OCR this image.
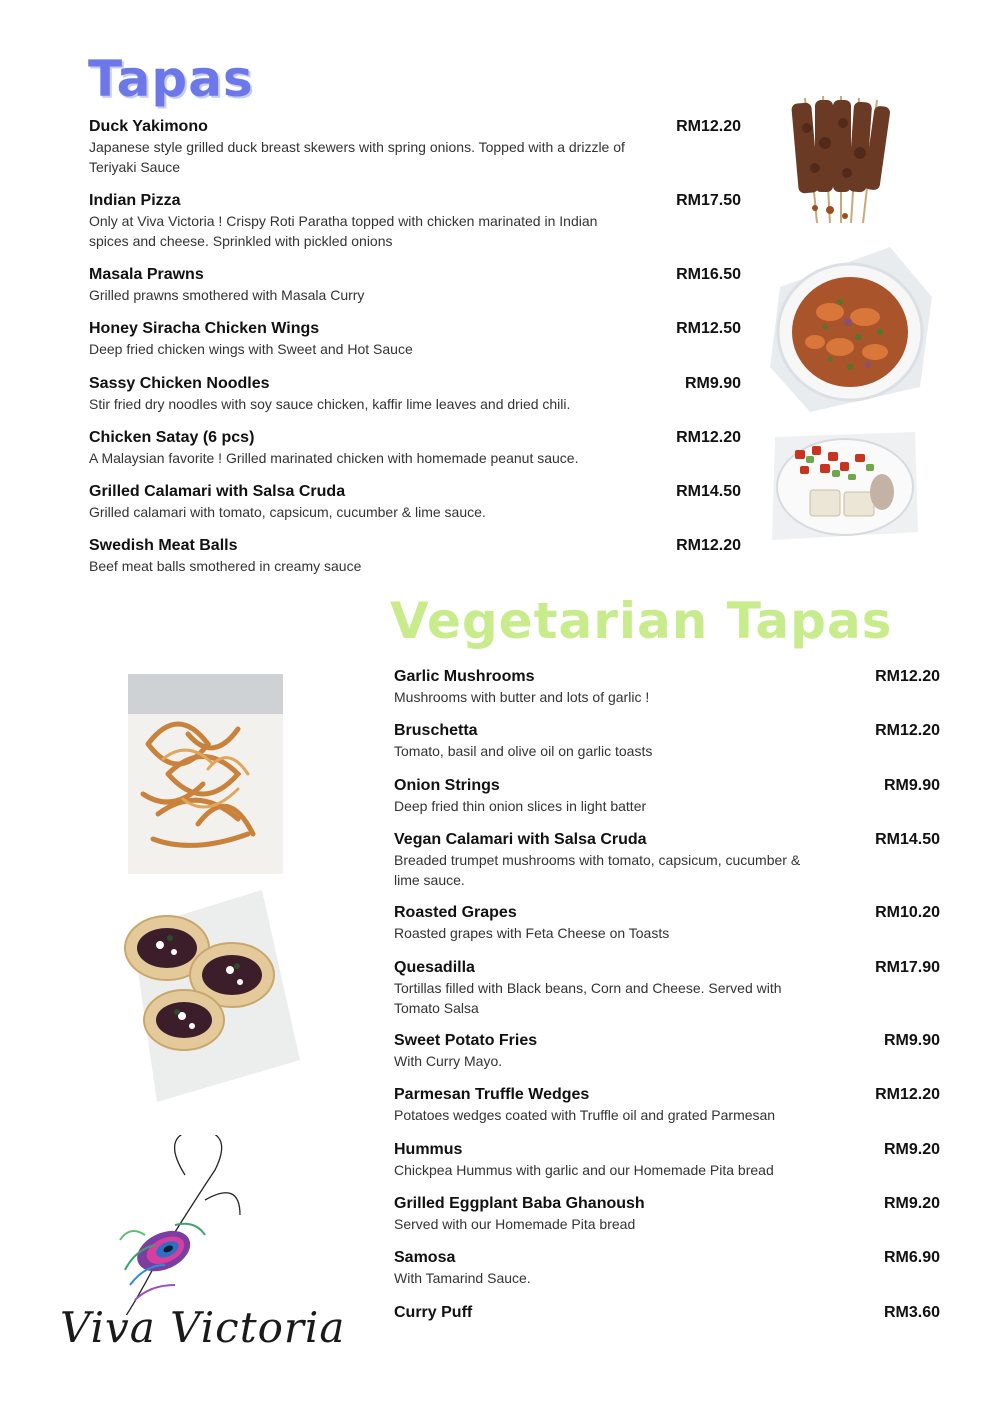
Tapas
Duck Yakimono	RM12.20
Japanese style grilled duck breast skewers with spring onions. Topped with a drizzle of Teriyaki Sauce
Indian Pizza	RM17.50
Only at Viva Victoria ! Crispy Roti Paratha topped with chicken marinated in Indian spices and cheese. Sprinkled with pickled onions
Masala Prawns	RM16.50
Grilled prawns smothered with Masala Curry
Honey Siracha Chicken Wings	RM12.50
Deep fried chicken wings with Sweet and Hot Sauce
Sassy Chicken Noodles	RM9.90
Stir fried dry noodles with soy sauce chicken, kaffir lime leaves and dried chili.
Chicken Satay (6 pcs)	RM12.20
A Malaysian favorite ! Grilled marinated chicken with homemade peanut sauce.
Grilled Calamari with Salsa Cruda	RM14.50
Grilled calamari with tomato, capsicum, cucumber & lime sauce.
Swedish Meat Balls	RM12.20
Beef meat balls smothered in creamy sauce
Vegetarian Tapas
Garlic Mushrooms	RM12.20
Mushrooms with butter and lots of garlic !
Bruschetta	RM12.20
Tomato, basil and olive oil on garlic toasts
Onion Strings	RM9.90
Deep fried thin onion slices in light batter
Vegan Calamari with Salsa Cruda	RM14.50
Breaded trumpet mushrooms with tomato, capsicum, cucumber & lime sauce.
Roasted Grapes	RM10.20
Roasted grapes with Feta Cheese on Toasts
Quesadilla	RM17.90
Tortillas filled with Black beans, Corn and Cheese. Served with Tomato Salsa
Sweet Potato Fries	RM9.90
With Curry Mayo.
Parmesan Truffle Wedges	RM12.20
Potatoes wedges coated with Truffle oil and grated Parmesan
Hummus	RM9.20
Chickpea Hummus with garlic and our Homemade Pita bread
Grilled Eggplant Baba Ghanoush	RM9.20
Served with our Homemade Pita bread
Samosa	RM6.90
With Tamarind Sauce.
Curry Puff	RM3.60
Viva Victoria
